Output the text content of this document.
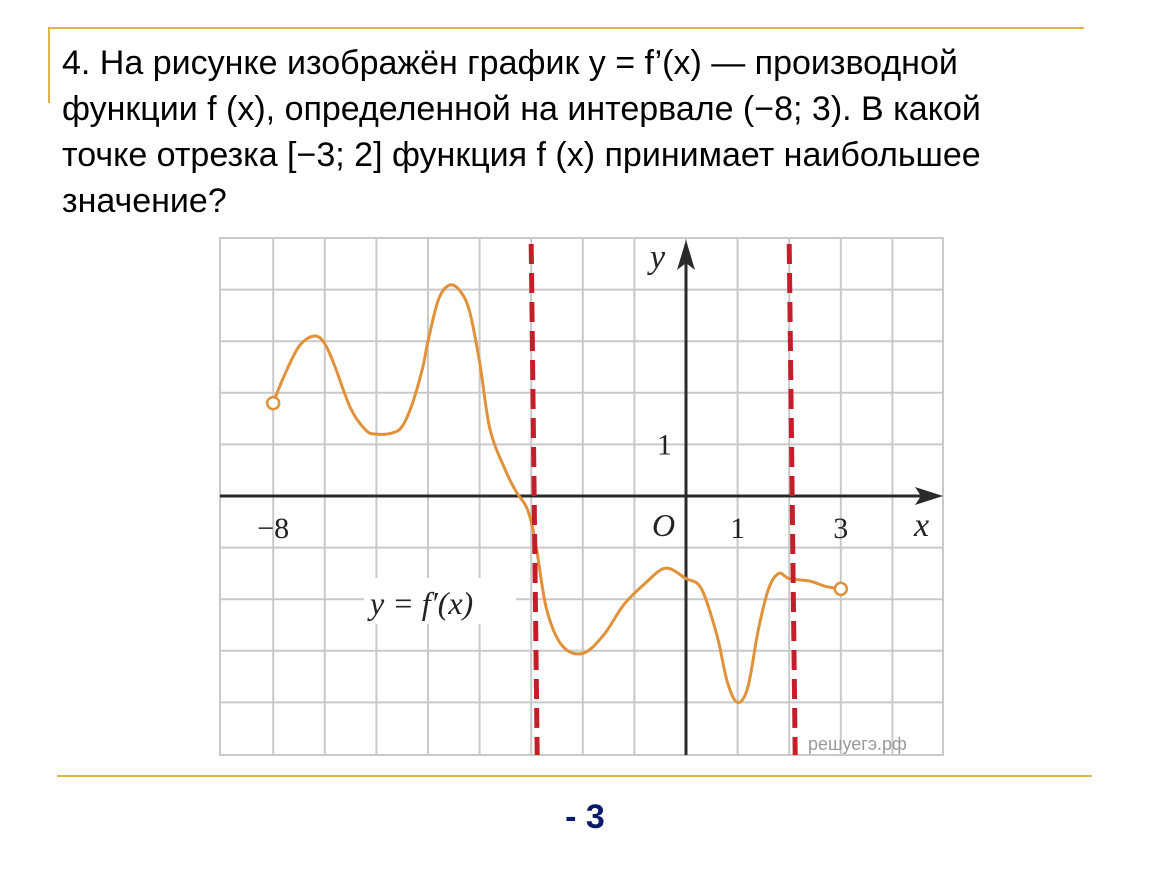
4. На рисунке изображён график y = f’(x) — производной
функции f (x), определенной на интервале (−8; 3). В какой
точке отрезка [−3; 2] функция f (x) принимает наибольшее
значение?
−8	1	3
1
x
y
O
y = f′(x)
решуегэ.рф
- 3
